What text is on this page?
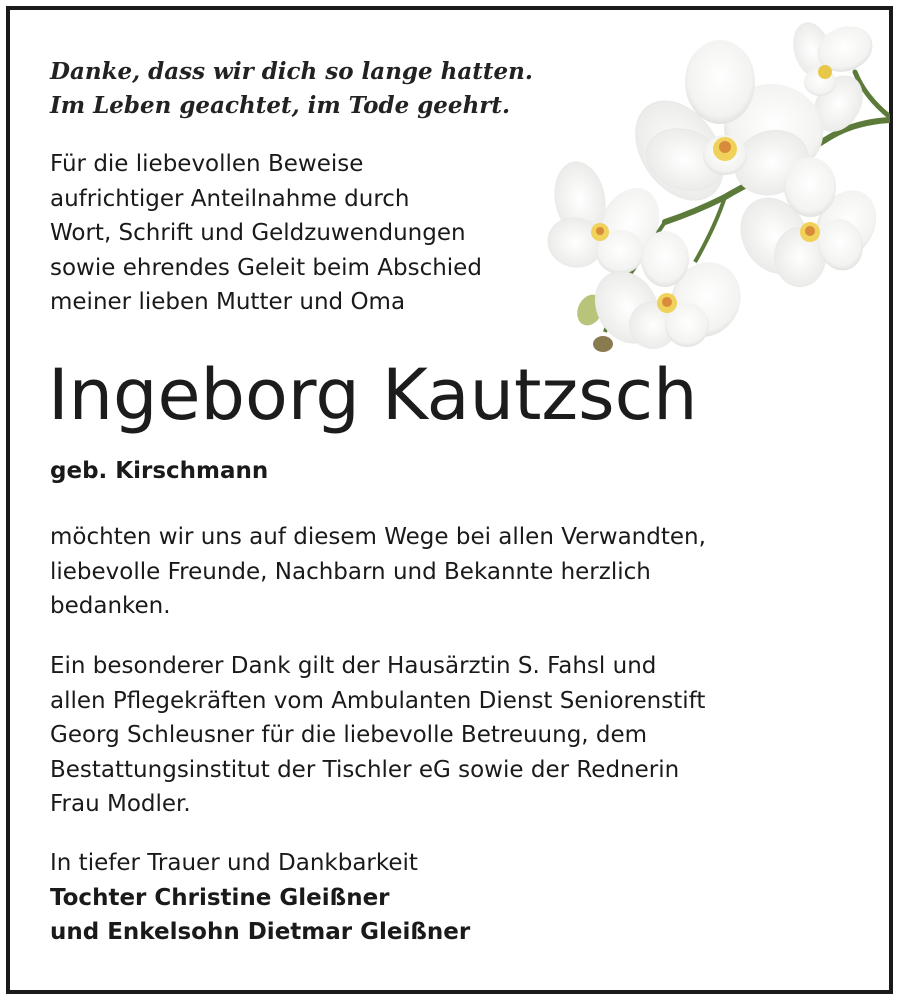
Danke, dass wir dich so lange hatten.
Im Leben geachtet, im Tode geehrt.
Für die liebevollen Beweise
aufrichtiger Anteilnahme durch
Wort, Schrift und Geldzuwendungen
sowie ehrendes Geleit beim Abschied
meiner lieben Mutter und Oma
Ingeborg Kautzsch
geb. Kirschmann
möchten wir uns auf diesem Wege bei allen Verwandten,
liebevolle Freunde, Nachbarn und Bekannte herzlich
bedanken.
Ein besonderer Dank gilt der Hausärztin S. Fahsl und
allen Pflegekräften vom Ambulanten Dienst Seniorenstift
Georg Schleusner für die liebevolle Betreuung, dem
Bestattungsinstitut der Tischler eG sowie der Rednerin
Frau Modler.
In tiefer Trauer und Dankbarkeit
Tochter Christine Gleißner
und Enkelsohn Dietmar Gleißner
